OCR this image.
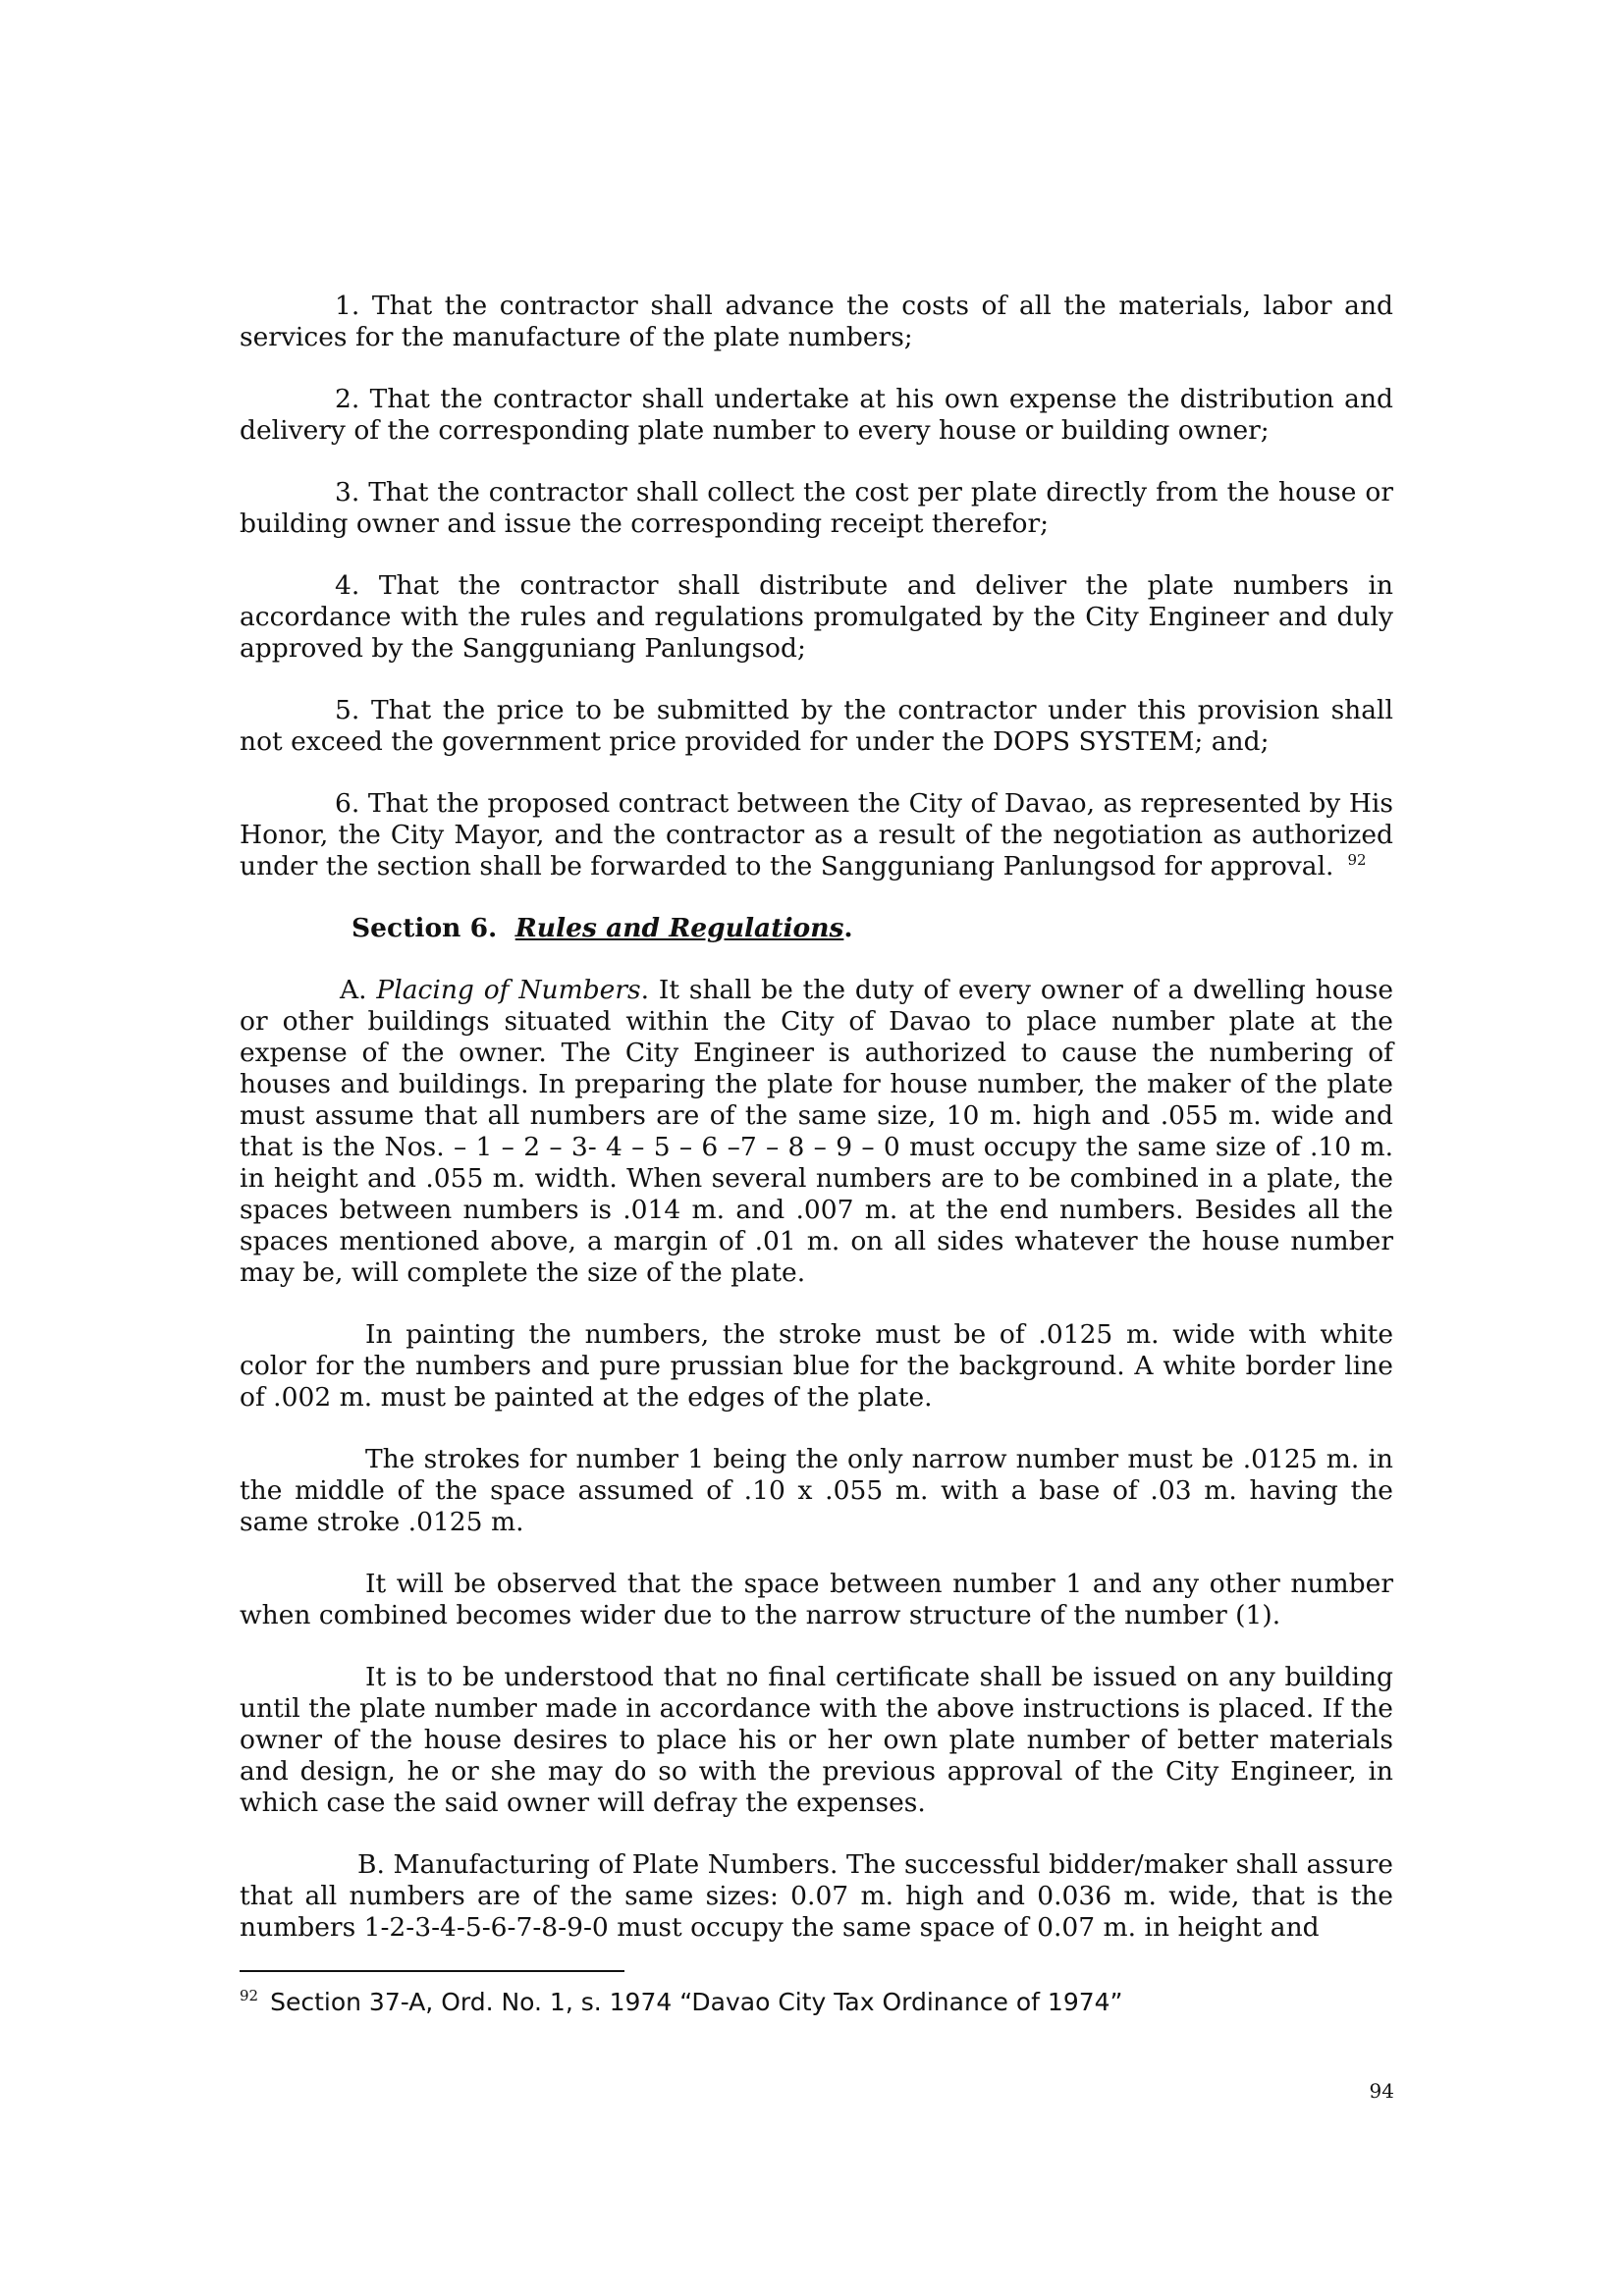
1. That the contractor shall advance the costs of all the materials, labor and services for the manufacture of the plate numbers;

2. That the contractor shall undertake at his own expense the distribution and delivery of the corresponding plate number to every house or building owner;

3. That the contractor shall collect the cost per plate directly from the house or building owner and issue the corresponding receipt therefor;

4. That the contractor shall distribute and deliver the plate numbers in accordance with the rules and regulations promulgated by the City Engineer and duly approved by the Sangguniang Panlungsod;

5. That the price to be submitted by the contractor under this provision shall not exceed the government price provided for under the DOPS SYSTEM; and;

6. That the proposed contract between the City of Davao, as represented by His Honor, the City Mayor, and the contractor as a result of the negotiation as authorized under the section shall be forwarded to the Sangguniang Panlungsod for approval. $^{92}$

Section 6. Rules and Regulations.

A. Placing of Numbers. It shall be the duty of every owner of a dwelling house or other buildings situated within the City of Davao to place number plate at the expense of the owner. The City Engineer is authorized to cause the numbering of houses and buildings. In preparing the plate for house number, the maker of the plate must assume that all numbers are of the same size, 10 m. high and .055 m. wide and that is the Nos. – 1 – 2 – 3- 4 – 5 – 6 –7 – 8 – 9 – 0 must occupy the same size of .10 m. in height and .055 m. width. When several numbers are to be combined in a plate, the spaces between numbers is .014 m. and .007 m. at the end numbers. Besides all the spaces mentioned above, a margin of .01 m. on all sides whatever the house number may be, will complete the size of the plate.

In painting the numbers, the stroke must be of .0125 m. wide with white color for the numbers and pure prussian blue for the background. A white border line of .002 m. must be painted at the edges of the plate.

The strokes for number 1 being the only narrow number must be .0125 m. in the middle of the space assumed of .10 x .055 m. with a base of .03 m. having the same stroke .0125 m.

It will be observed that the space between number 1 and any other number when combined becomes wider due to the narrow structure of the number (1).

It is to be understood that no final certificate shall be issued on any building until the plate number made in accordance with the above instructions is placed. If the owner of the house desires to place his or her own plate number of better materials and design, he or she may do so with the previous approval of the City Engineer, in which case the said owner will defray the expenses.

B. Manufacturing of Plate Numbers. The successful bidder/maker shall assure that all numbers are of the same sizes: 0.07 m. high and 0.036 m. wide, that is the numbers 1-2-3-4-5-6-7-8-9-0 must occupy the same space of 0.07 m. in height and

$^{92}$ Section 37-A, Ord. No. 1, s. 1974 “Davao City Tax Ordinance of 1974”
94
